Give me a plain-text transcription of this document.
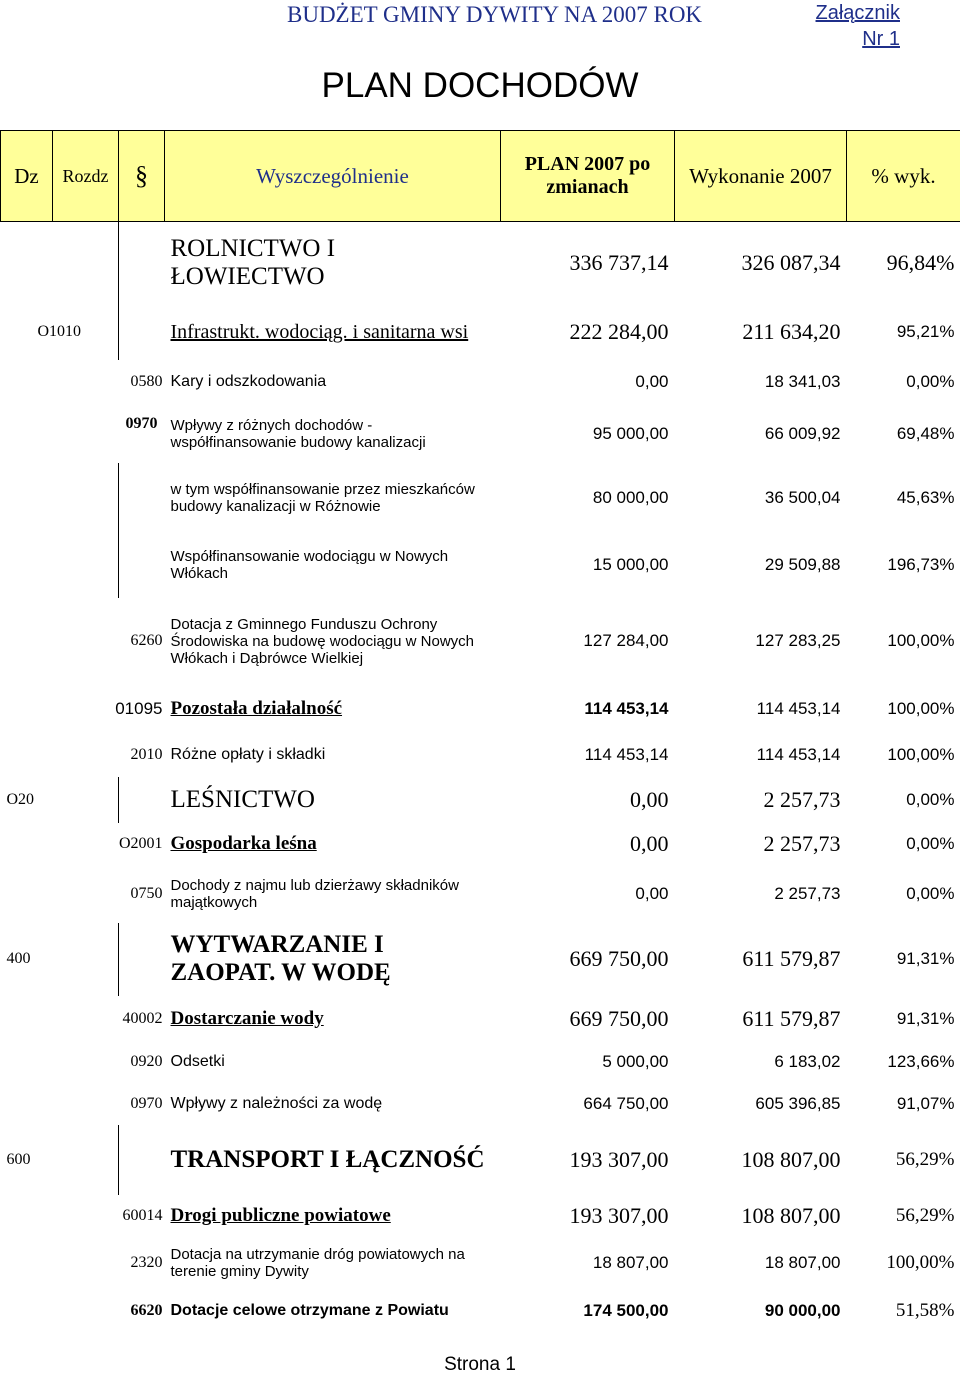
BUDŻET GMINY DYWITY NA 2007 ROK	Załącznik
Nr 1
PLAN DOCHODÓW
Dz	Rozdz	§	Wyszczególnienie	PLAN 2007 po zmianach	Wykonanie 2007	% wyk.
			ROLNICTWO I ŁOWIECTWO	336 737,14	326 087,34	96,84%
O1010			Infrastrukt. wodociąg. i sanitarna wsi	222 284,00	211 634,20	95,21%
		0580	Kary i odszkodowania	0,00	18 341,03	0,00%
		0970	Wpływy z różnych dochodów - współfinansowanie budowy kanalizacji	95 000,00	66 009,92	69,48%
			w tym współfinansowanie przez mieszkańców budowy kanalizacji w Różnowie	80 000,00	36 500,04	45,63%
			Współfinansowanie wodociągu w Nowych Włókach	15 000,00	29 509,88	196,73%
		6260	Dotacja z Gminnego Funduszu Ochrony Środowiska na budowę wodociągu w Nowych Włókach i Dąbrówce Wielkiej	127 284,00	127 283,25	100,00%
	01095		Pozostała działalność	114 453,14	114 453,14	100,00%
		2010	Różne opłaty i składki	114 453,14	114 453,14	100,00%
O20			LEŚNICTWO	0,00	2 257,73	0,00%
	O2001		Gospodarka leśna	0,00	2 257,73	0,00%
		0750	Dochody z najmu lub dzierżawy składników majątkowych	0,00	2 257,73	0,00%
400			WYTWARZANIE I ZAOPAT. W WODĘ	669 750,00	611 579,87	91,31%
	40002		Dostarczanie wody	669 750,00	611 579,87	91,31%
		0920	Odsetki	5 000,00	6 183,02	123,66%
		0970	Wpływy z należności za wodę	664 750,00	605 396,85	91,07%
600			TRANSPORT I ŁĄCZNOŚĆ	193 307,00	108 807,00	56,29%
	60014		Drogi publiczne powiatowe	193 307,00	108 807,00	56,29%
		2320	Dotacja na utrzymanie dróg powiatowych na terenie gminy Dywity	18 807,00	18 807,00	100,00%
		6620	Dotacje celowe otrzymane z Powiatu	174 500,00	90 000,00	51,58%
Strona 1
